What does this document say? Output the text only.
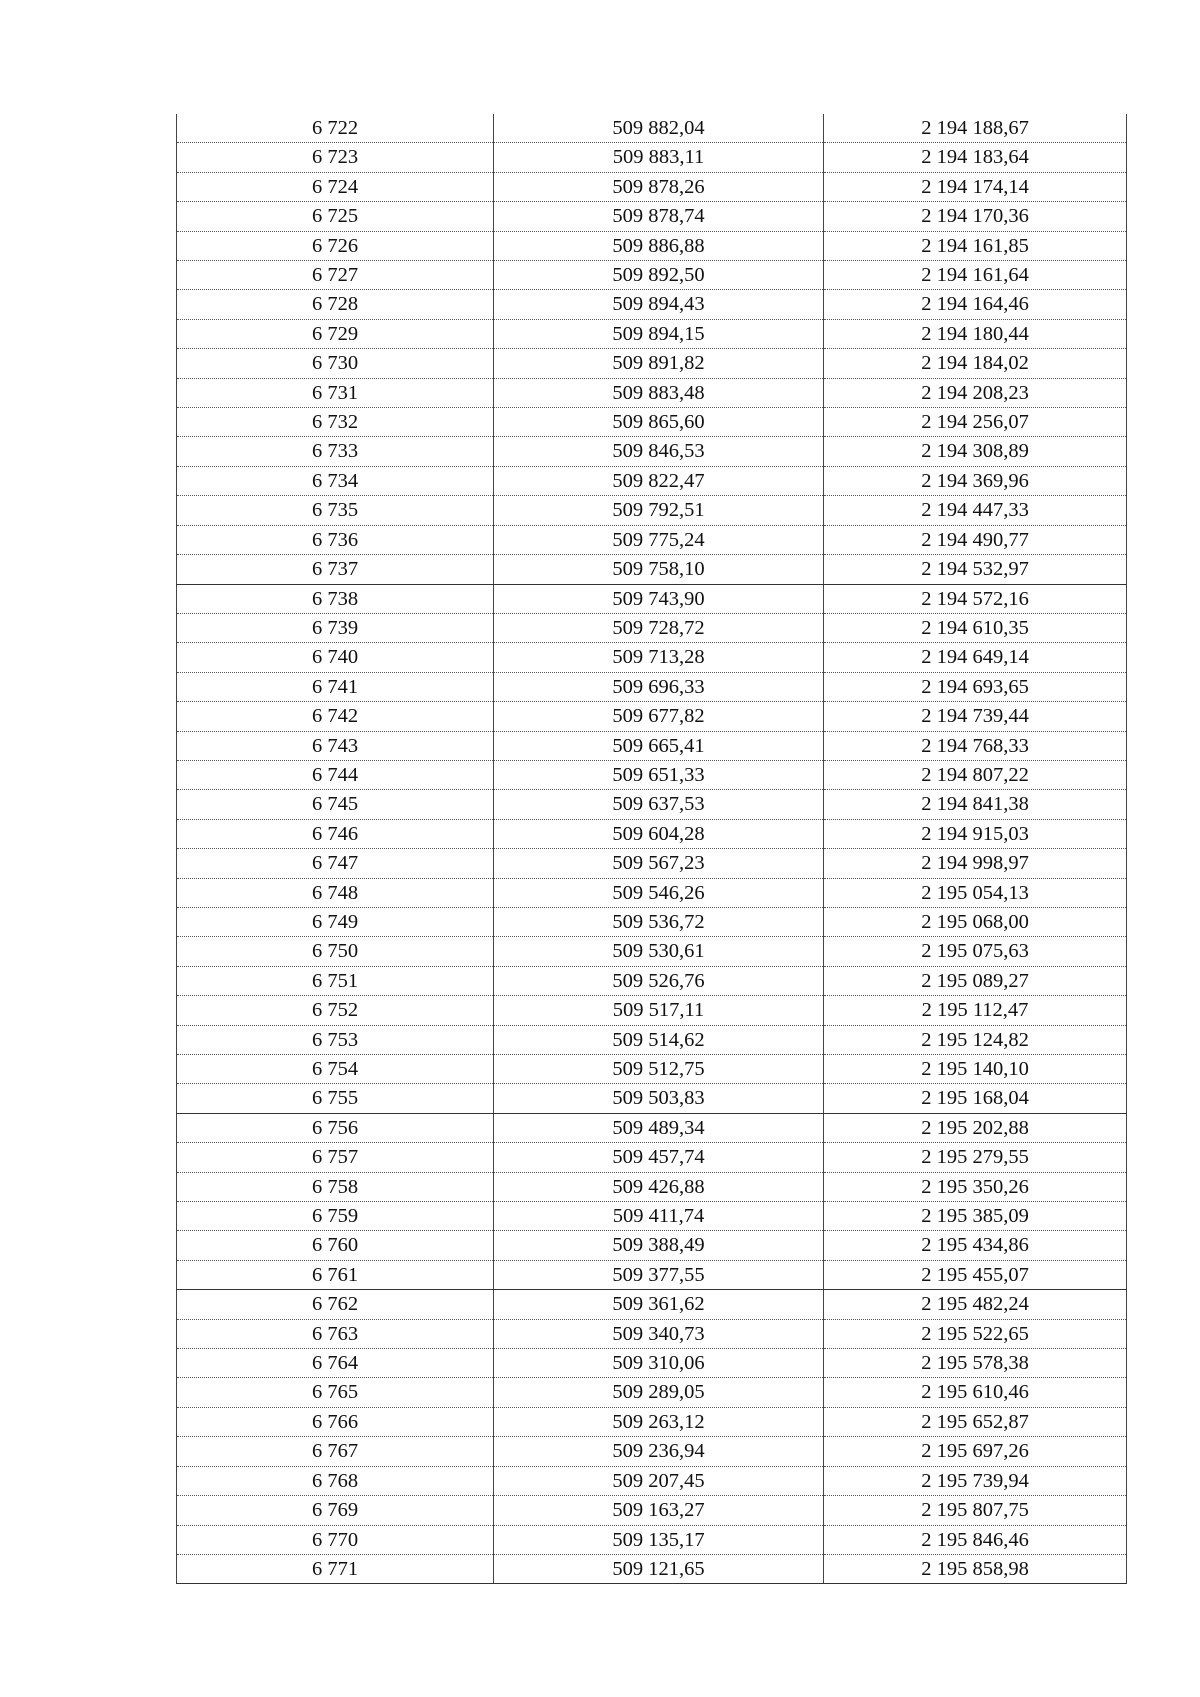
6 722	509 882,04	2 194 188,67
6 723	509 883,11	2 194 183,64
6 724	509 878,26	2 194 174,14
6 725	509 878,74	2 194 170,36
6 726	509 886,88	2 194 161,85
6 727	509 892,50	2 194 161,64
6 728	509 894,43	2 194 164,46
6 729	509 894,15	2 194 180,44
6 730	509 891,82	2 194 184,02
6 731	509 883,48	2 194 208,23
6 732	509 865,60	2 194 256,07
6 733	509 846,53	2 194 308,89
6 734	509 822,47	2 194 369,96
6 735	509 792,51	2 194 447,33
6 736	509 775,24	2 194 490,77
6 737	509 758,10	2 194 532,97
6 738	509 743,90	2 194 572,16
6 739	509 728,72	2 194 610,35
6 740	509 713,28	2 194 649,14
6 741	509 696,33	2 194 693,65
6 742	509 677,82	2 194 739,44
6 743	509 665,41	2 194 768,33
6 744	509 651,33	2 194 807,22
6 745	509 637,53	2 194 841,38
6 746	509 604,28	2 194 915,03
6 747	509 567,23	2 194 998,97
6 748	509 546,26	2 195 054,13
6 749	509 536,72	2 195 068,00
6 750	509 530,61	2 195 075,63
6 751	509 526,76	2 195 089,27
6 752	509 517,11	2 195 112,47
6 753	509 514,62	2 195 124,82
6 754	509 512,75	2 195 140,10
6 755	509 503,83	2 195 168,04
6 756	509 489,34	2 195 202,88
6 757	509 457,74	2 195 279,55
6 758	509 426,88	2 195 350,26
6 759	509 411,74	2 195 385,09
6 760	509 388,49	2 195 434,86
6 761	509 377,55	2 195 455,07
6 762	509 361,62	2 195 482,24
6 763	509 340,73	2 195 522,65
6 764	509 310,06	2 195 578,38
6 765	509 289,05	2 195 610,46
6 766	509 263,12	2 195 652,87
6 767	509 236,94	2 195 697,26
6 768	509 207,45	2 195 739,94
6 769	509 163,27	2 195 807,75
6 770	509 135,17	2 195 846,46
6 771	509 121,65	2 195 858,98
